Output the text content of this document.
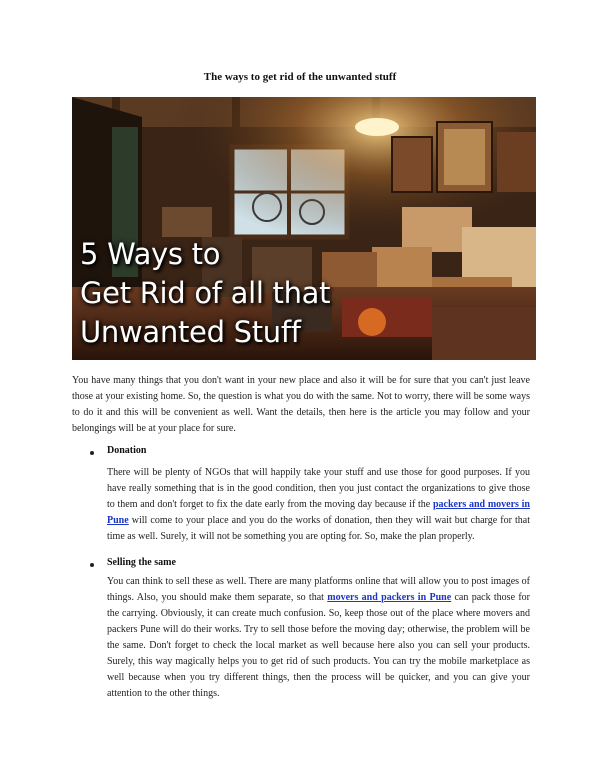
The ways to get rid of the unwanted stuff
5 Ways to
Get Rid of all that
Unwanted Stuff

You have many things that you don't want in your new place and also it will be for sure that you can't just leave those at your existing home. So, the question is what you do with the same. Not to worry, there will be some ways to do it and this will be convenient as well. Want the details, then here is the article you may follow and your belongings will be at your place for sure.

Donation

There will be plenty of NGOs that will happily take your stuff and use those for good purposes. If you have really something that is in the good condition, then you just contact the organizations to give those to them and don't forget to fix the date early from the moving day because if the packers and movers in Pune will come to your place and you do the works of donation, then they will wait but charge for that time as well. Surely, it will not be something you are opting for. So, make the plan properly.

Selling the same

You can think to sell these as well. There are many platforms online that will allow you to post images of things. Also, you should make them separate, so that movers and packers in Pune can pack those for the carrying. Obviously, it can create much confusion. So, keep those out of the place where movers and packers Pune will do their works. Try to sell those before the moving day; otherwise, the problem will be the same. Don't forget to check the local market as well because here also you can sell your products. Surely, this way magically helps you to get rid of such products. You can try the mobile marketplace as well because when you try different things, then the process will be quicker, and you can give your attention to the other things.
